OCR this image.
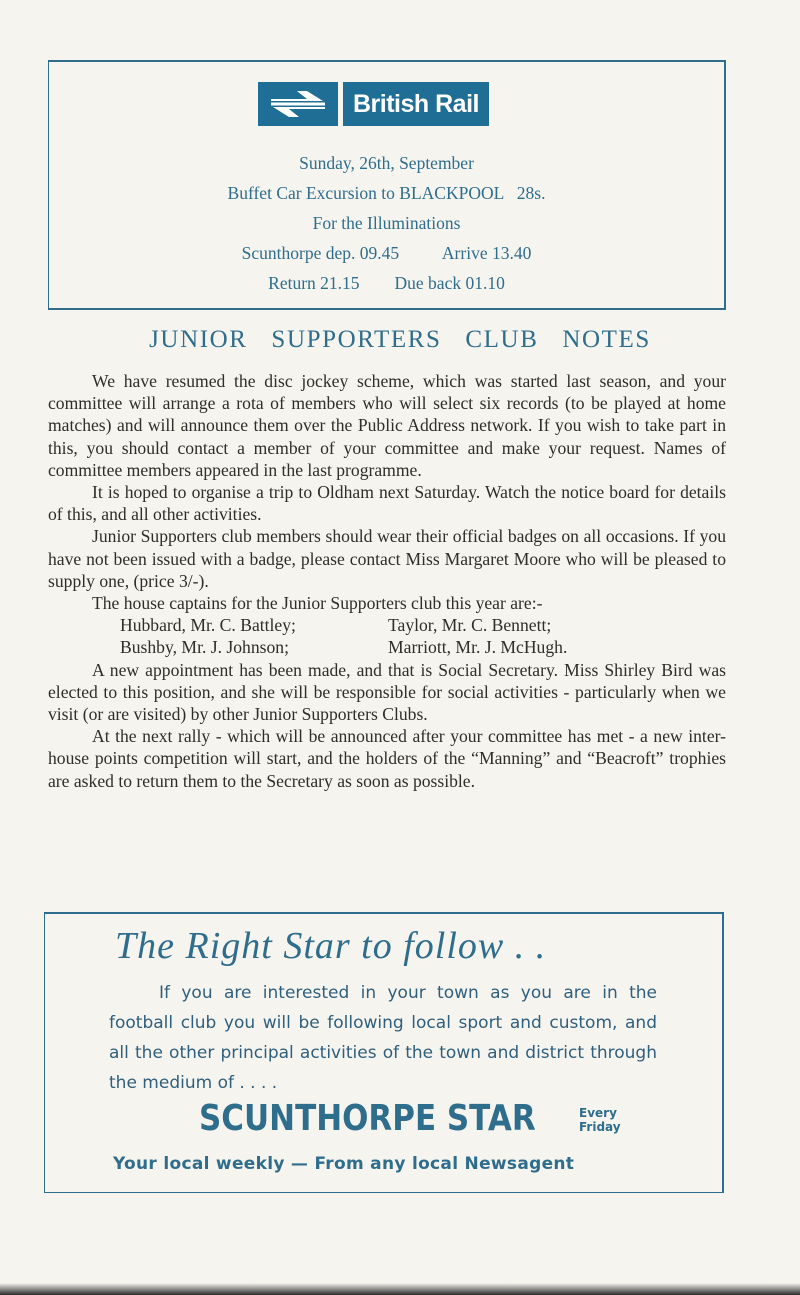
British Rail
Sunday, 26th, September
Buffet Car Excursion to BLACKPOOL   28s.
For the Illuminations
Scunthorpe dep. 09.45          Arrive 13.40
Return 21.15        Due back 01.10
JUNIOR SUPPORTERS CLUB NOTES

We have resumed the disc jockey scheme, which was started last season, and your committee will arrange a rota of members who will select six records (to be played at home matches) and will announce them over the Public Address network. If you wish to take part in this, you should contact a member of your committee and make your request. Names of committee members appeared in the last programme.

It is hoped to organise a trip to Oldham next Saturday. Watch the notice board for details of this, and all other activities.

Junior Supporters club members should wear their official badges on all occasions. If you have not been issued with a badge, please contact Miss Margaret Moore who will be pleased to supply one, (price 3/-).

The house captains for the Junior Supporters club this year are:-

Hubbard, Mr. C. Battley;	Taylor, Mr. C. Bennett;
Bushby, Mr. J. Johnson;	Marriott, Mr. J. McHugh.

A new appointment has been made, and that is Social Secretary. Miss Shirley Bird was elected to this position, and she will be responsible for social activities - particularly when we visit (or are visited) by other Junior Supporters Clubs.

At the next rally - which will be announced after your committee has met - a new inter-house points competition will start, and the holders of the “Manning” and “Beacroft” trophies are asked to return them to the Secretary as soon as possible.

The Right Star to follow . .
If you are interested in your town as you are in the football club you will be following local sport and custom, and all the other principal activities of the town and district through the medium of . . . .
SCUNTHORPE STAR	Every
Friday
Your local weekly — From any local Newsagent
